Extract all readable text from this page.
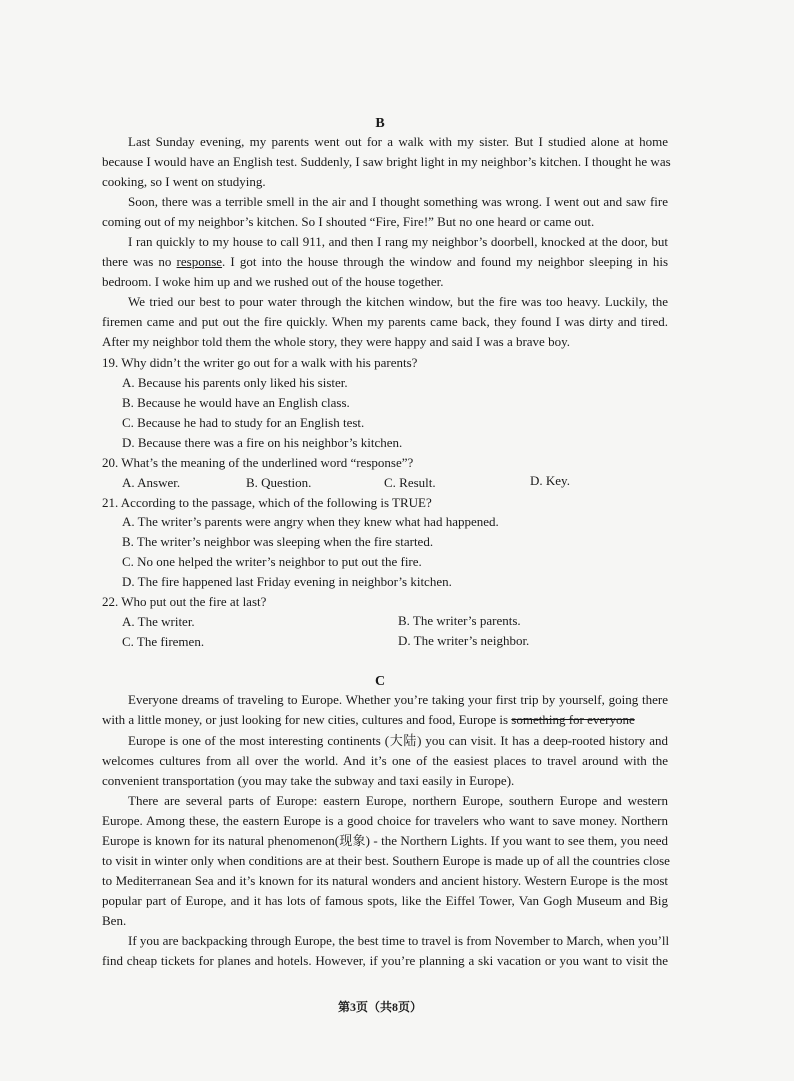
B
Last Sunday evening, my parents went out for a walk with my sister. But I studied alone at home
because I would have an English test. Suddenly, I saw bright light in my neighbor’s kitchen. I thought he was
cooking, so I went on studying.
Soon, there was a terrible smell in the air and I thought something was wrong. I went out and saw fire
coming out of my neighbor’s kitchen. So I shouted “Fire, Fire!” But no one heard or came out.
I ran quickly to my house to call 911, and then I rang my neighbor’s doorbell, knocked at the door, but
there was no response. I got into the house through the window and found my neighbor sleeping in his
bedroom. I woke him up and we rushed out of the house together.
We tried our best to pour water through the kitchen window, but the fire was too heavy. Luckily, the
firemen came and put out the fire quickly. When my parents came back, they found I was dirty and tired.
After my neighbor told them the whole story, they were happy and said I was a brave boy.
19. Why didn’t the writer go out for a walk with his parents?
A. Because his parents only liked his sister.
B. Because he would have an English class.
C. Because he had to study for an English test.
D. Because there was a fire on his neighbor’s kitchen.
20. What’s the meaning of the underlined word “response”?
A. Answer.	B. Question.	C. Result.	D. Key.
21. According to the passage, which of the following is TRUE?
A. The writer’s parents were angry when they knew what had happened.
B. The writer’s neighbor was sleeping when the fire started.
C. No one helped the writer’s neighbor to put out the fire.
D. The fire happened last Friday evening in neighbor’s kitchen.
22. Who put out the fire at last?
A. The writer.	B. The writer’s parents.
C. The firemen.	D. The writer’s neighbor.
C
Everyone dreams of traveling to Europe. Whether you’re taking your first trip by yourself, going there
with a little money, or just looking for new cities, cultures and food, Europe is something for everyone
Europe is one of the most interesting continents (大陆) you can visit. It has a deep-rooted history and
welcomes cultures from all over the world. And it’s one of the easiest places to travel around with the
convenient transportation (you may take the subway and taxi easily in Europe).
There are several parts of Europe: eastern Europe, northern Europe, southern Europe and western
Europe. Among these, the eastern Europe is a good choice for travelers who want to save money. Northern
Europe is known for its natural phenomenon(现象) - the Northern Lights. If you want to see them, you need
to visit in winter only when conditions are at their best. Southern Europe is made up of all the countries close
to Mediterranean Sea and it’s known for its natural wonders and ancient history. Western Europe is the most
popular part of Europe, and it has lots of famous spots, like the Eiffel Tower, Van Gogh Museum and Big
Ben.
If you are backpacking through Europe, the best time to travel is from November to March, when you’ll
find cheap tickets for planes and hotels. However, if you’re planning a ski vacation or you want to visit the
第3页（共8页）
